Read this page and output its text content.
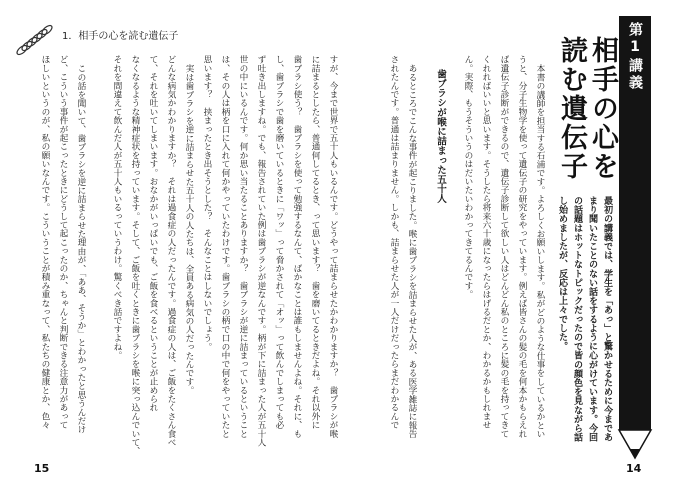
1．相手の心を読む遺伝子	第1講義
相手の心を
読む遺伝子
最初の講義では、学生を「あっ」と驚かせるために今まであ
まり聞いたことのない話をするように心がけています。今回
の話題はホットなトピックだったので皆の顔色を見ながら話
し始めましたが、反応は上々でした。
本書の講師を担当する石浦です。よろしくお願いします。私がどのような仕事をしているかとい
うと、分子生物学を使って遺伝子の研究をやっています。例えば皆さんの髪の毛を何本かもらえれ
ば遺伝子診断ができるので、遺伝子診断して欲しい人はどんどん私のところに髪の毛を持ってきて
くれればいいと思います。そうしたら将来六十歳になったらはげるだとか、わかるかもしれませ
ん。実際、もうそういうのはだいたいわかってきてるんです。
歯ブラシが喉に詰まった五十人
あるところでこんな事件が起こりました。喉に歯ブラシを詰まらせた人が、ある医学雑誌に報告
されたんです。普通は詰まりません。しかも、詰まらせた人が一人だけだったらまだわかるんで
14
すが、今まで世界で五十人もいるんです。どうやって詰まらせたかわかりますか？　歯ブラシが喉
に詰まるとしたら、普通何してるとき、って思います？　歯を磨いてるときだよね。それ以外に
歯ブラシ使う？　歯ブラシを使って勉強するなんて、ばかなことは誰もしませんよね。それに、も
し、歯ブラシで歯を磨いているときに「ワッ」って脅かされて「オッ」って飲んでしまっても必
ず吐き出しますね。でも、報告されていた例は歯ブラシが逆なんです。柄が下に詰まった人が五十人
世の中にいるんです。何か思い当たることありますか？　歯ブラシが逆に詰まっているということ
は、その人は柄を口に入れて何かやっていたわけです。歯ブラシの柄で口の中で何をやっていたと
思います？　挟まったとき出そうとした？　そんなことはしないでしょう。
実は歯ブラシを逆に詰まらせた五十人の人たちは、全員ある病気の人だったんです。
どんな病気かわかりますか？　それは過食症の人だったんです。過食症の人は、ご飯をたくさん食べ
て、それを吐いてしまいます。おなかがいっぱいでも、ご飯を食べるということが止められ
なくなるような精神症状を持っています。そして、ご飯を吐くときに歯ブラシを喉に突っ込んでいて、
それを間違えて飲んだ人が五十人もいるっていうわけ。驚くべき話ですよね。
この話を聞いて、歯ブラシを逆に詰まらせた理由が、「ああ、そうか」とわかったと思うんだけ
ど、こういう事件が起こったときにどうして起こったのか、ちゃんと判断できる注意力があって
ほしいというのが、私の願いなんです。こういうことが積み重なって、私たちの健康とか、色々
15
